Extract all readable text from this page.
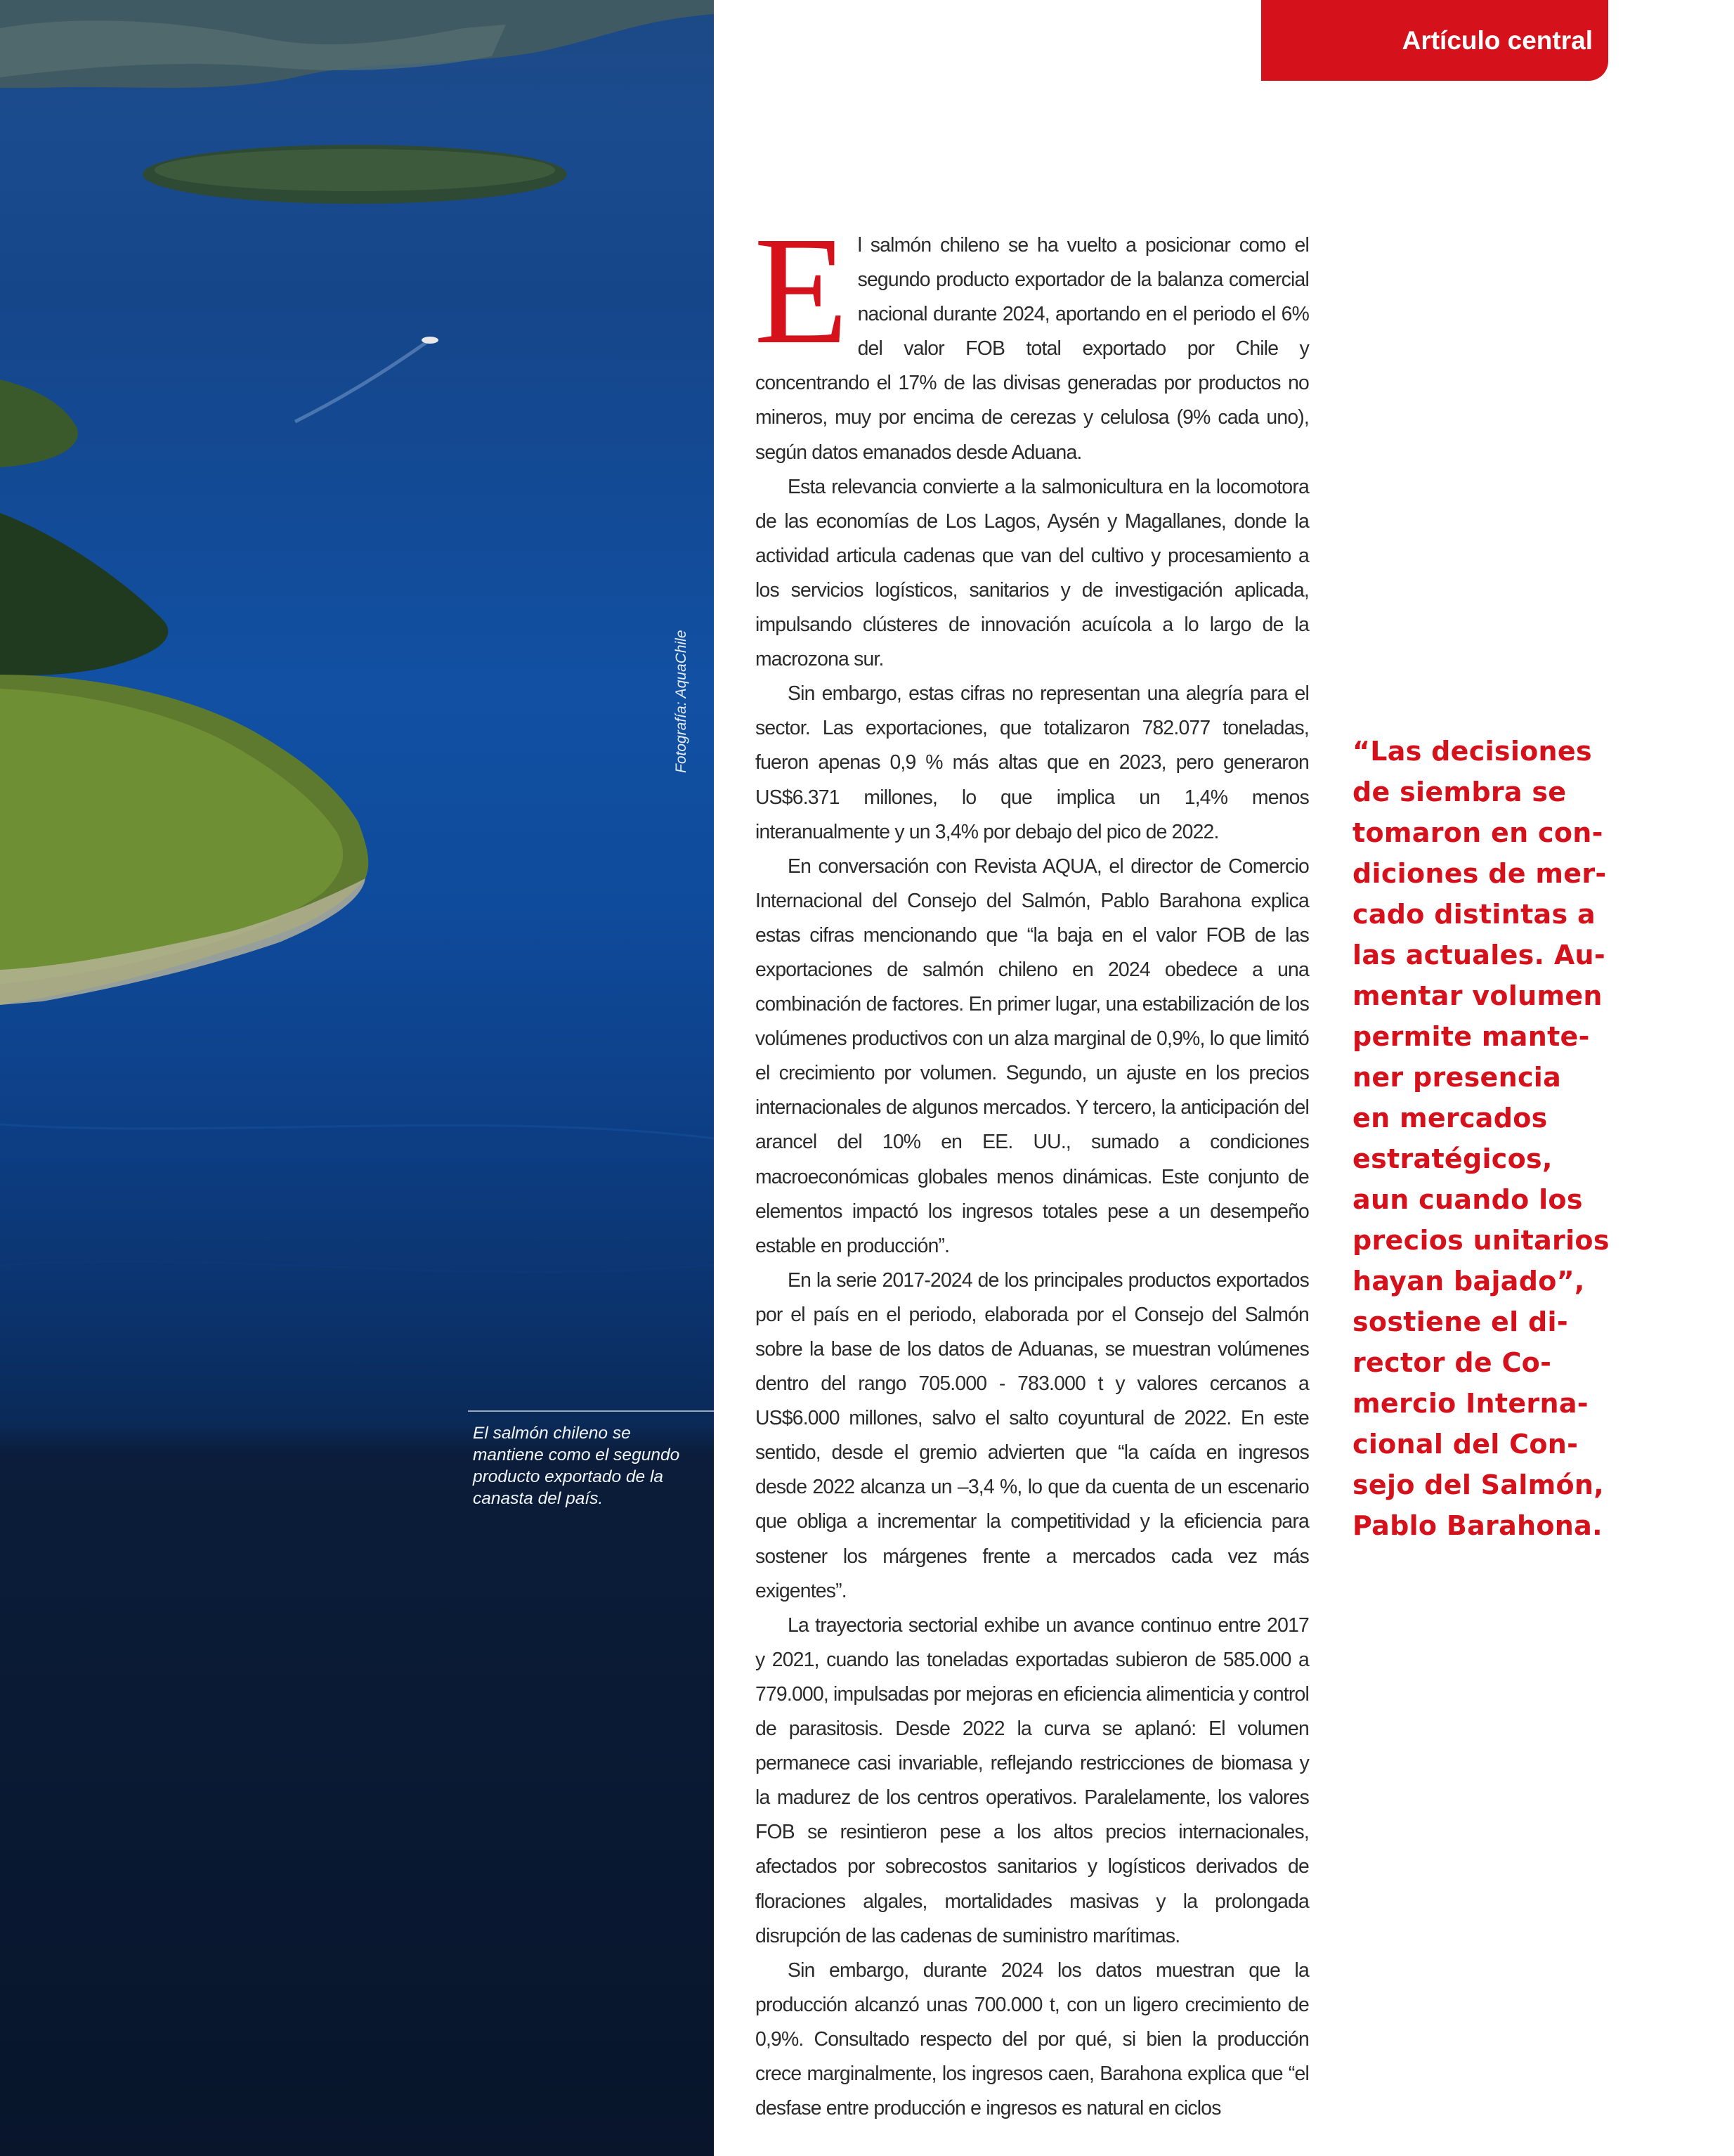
Fotografía: AquaChile
El salmón chileno se mantiene como el segundo producto exportado de la canasta del país.
Artículo central

El salmón chileno se ha vuelto a posicionar como el segundo producto exportador de la balanza comercial nacional durante 2024, aportando en el periodo el 6% del valor FOB total exportado por Chile y concentrando el 17% de las divisas generadas por productos no mineros, muy por encima de cerezas y celulosa (9% cada uno), según datos emanados desde Aduana.

Esta relevancia convierte a la salmonicultura en la locomotora de las economías de Los Lagos, Aysén y Magallanes, donde la actividad articula cadenas que van del cultivo y procesamiento a los servicios logísticos, sanitarios y de investigación aplicada, impulsando clústeres de innovación acuícola a lo largo de la macrozona sur.

Sin embargo, estas cifras no representan una alegría para el sector. Las exportaciones, que totalizaron 782.077 toneladas, fueron apenas 0,9 % más altas que en 2023, pero generaron US$6.371 millones, lo que implica un 1,4% menos interanualmente y un 3,4% por debajo del pico de 2022.

En conversación con Revista AQUA, el director de Comercio Internacional del Consejo del Salmón, Pablo Barahona explica estas cifras mencionando que “la baja en el valor FOB de las exportaciones de salmón chileno en 2024 obedece a una combinación de factores. En primer lugar, una estabilización de los volúmenes productivos con un alza marginal de 0,9%, lo que limitó el crecimiento por volumen. Segundo, un ajuste en los precios internacionales de algunos mercados. Y tercero, la anticipación del arancel del 10% en EE. UU., sumado a condiciones macroeconómicas globales menos dinámicas. Este conjunto de elementos impactó los ingresos totales pese a un desempeño estable en producción”.

En la serie 2017-2024 de los principales productos exportados por el país en el periodo, elaborada por el Consejo del Salmón sobre la base de los datos de Aduanas, se muestran volúmenes dentro del rango 705.000 - 783.000 t y valores cercanos a US$6.000 millones, salvo el salto coyuntural de 2022. En este sentido, desde el gremio advierten que “la caída en ingresos desde 2022 alcanza un –3,4 %, lo que da cuenta de un escenario que obliga a incrementar la competitividad y la eficiencia para sostener los márgenes frente a mercados cada vez más exigentes”.

La trayectoria sectorial exhibe un avance continuo entre 2017 y 2021, cuando las toneladas exportadas subieron de 585.000 a 779.000, impulsadas por mejoras en eficiencia alimenticia y control de parasitosis. Desde 2022 la curva se aplanó: El volumen permanece casi invariable, reflejando restricciones de biomasa y la madurez de los centros operativos. Paralelamente, los valores FOB se resintieron pese a los altos precios internacionales, afectados por sobrecostos sanitarios y logísticos derivados de floraciones algales, mortalidades masivas y la prolongada disrupción de las cadenas de suministro marítimas.

Sin embargo, durante 2024 los datos muestran que la producción alcanzó unas 700.000 t, con un ligero crecimiento de 0,9%. Consultado respecto del por qué, si bien la producción crece marginalmente, los ingresos caen, Barahona explica que “el desfase entre producción e ingresos es natural en ciclos

“Las decisiones
de siembra se
tomaron en con-
diciones de mer-
cado distintas a
las actuales. Au-
mentar volumen
permite mante-
ner presencia
en mercados
estratégicos,
aun cuando los
precios unitarios
hayan bajado”,
sostiene el di-
rector de Co-
mercio Interna-
cional del Con-
sejo del Salmón,
Pablo Barahona.
